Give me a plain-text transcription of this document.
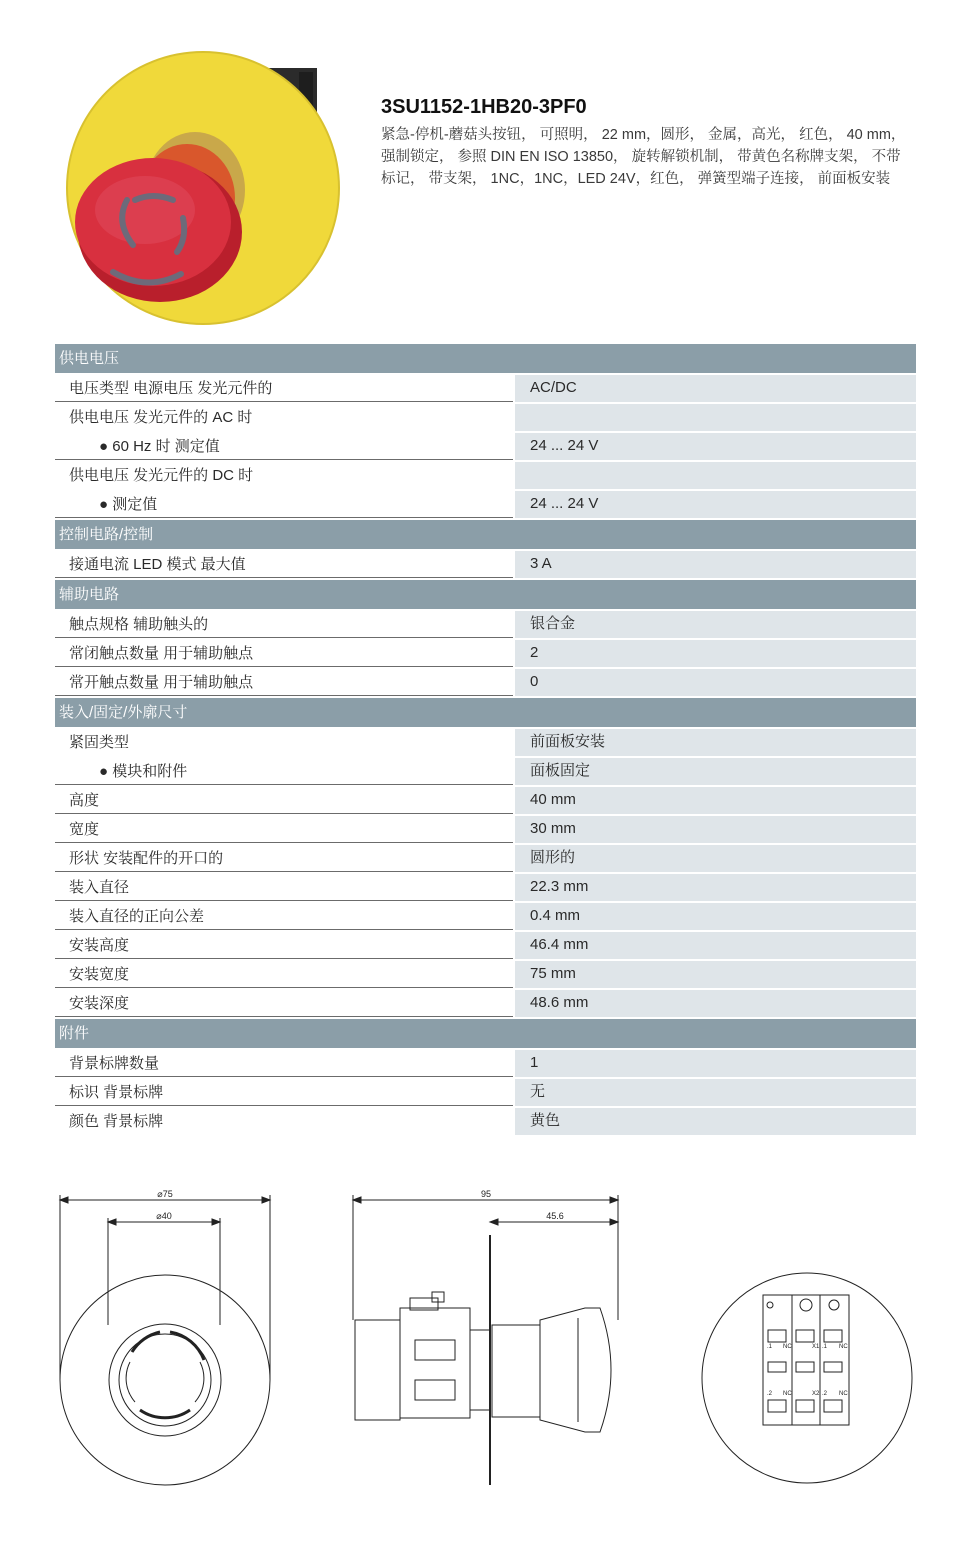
3SU1152-1HB20-3PF0
紧急-停机-蘑菇头按钮， 可照明， 22 mm，圆形， 金属，高光， 红色， 40 mm， 强制锁定， 参照 DIN EN ISO 13850， 旋转解锁机制， 带黄色名称牌支架， 不带标记， 带支架， 1NC，1NC，LED 24V，红色， 弹簧型端子连接， 前面板安装
供电电压
电压类型 电源电压 发光元件的	AC/DC
供电电压 发光元件的 AC 时
● 60 Hz 时 测定值	24 ... 24 V
供电电压 发光元件的 DC 时
● 测定值	24 ... 24 V
控制电路/控制
接通电流 LED 模式 最大值	3 A
辅助电路
触点规格 辅助触头的	银合金
常闭触点数量 用于辅助触点	2
常开触点数量 用于辅助触点	0
装入/固定/外廓尺寸
紧固类型	前面板安装
● 模块和附件	面板固定
高度	40 mm
宽度	30 mm
形状 安装配件的开口的	圆形的
装入直径	22.3 mm
装入直径的正向公差	0.4 mm
安装高度	46.4 mm
安装宽度	75 mm
安装深度	48.6 mm
附件
背景标牌数量	1
标识 背景标牌	无
颜色 背景标牌	黄色
⌀75
⌀40
95
45.6
.1 NC	X1 .1 NC
.2 NC	X2 .2 NC
